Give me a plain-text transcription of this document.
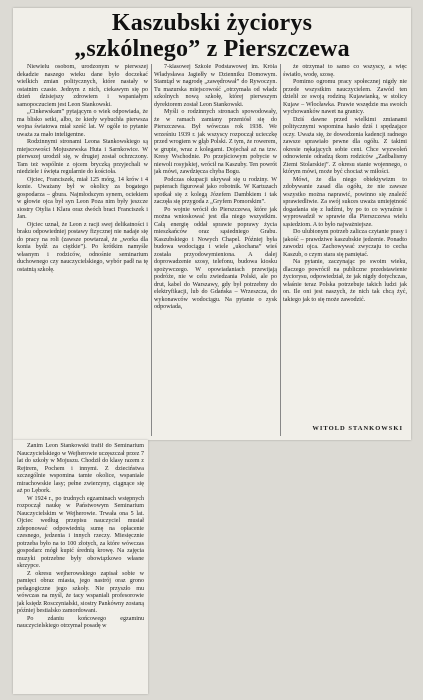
Kaszubski życiorys
„szkólnego” z Pierszczewa

Niewielu osobom, urodzonym w pierwszej dekadzie naszego wieku dane było doczekać wielkich zmian politycznych, które nastały w ostatnim czasie. Jednym z nich, ciekawym się po dzień dzisiejszy zdrowiem i wspaniałym samopoczuciem jest Leon Stankowski.

„Cinkewskam” pytającym o wiek odpowiada, że ma blisko setki, albo, że kiedy wybuchła pierwsza wojna światowa miał sześć lat. W ogóle to pytanie uważa za mało inteligentne.

Rodzinnymi stronami Leona Stankowskiego są miejscowości Mojuszewska Huta i Sarnkowice. W pierwszej urodził się, w drugiej został ochrzczony. Tam też wspólnie z ojcem bryczką przyjechali w niedziele i święta regularnie do kościoła.

Ojciec, Franciszek, miał 125 mórg, 14 krów i 4 konie. Uważany był w okolicy za bogatego gospodarza – gbura. Najmłodszym synem, ociekiem w głowie ojca był syn Leon Poza nim były jeszcze siostry Otylia i Klara oraz dwóch braci Franciszek i Jan.

Ojciec uznał, że Leon z racji swej delikatności i braku odpowiedniej postawy fizycznej nie nadaje się do pracy na roli (zawsze powtarzał, że „worka dla konia bydź za ciężkie”). Po krótkim namyśle własnym i rodziców, odnośnie seminarium duchownego czy nauczycielskiego, wybór padł na tę ostatnią szkołę.

7-klasowej Szkole Podstawowej im. Króla Władysława Jagiełły w Dzienniku Domowym. Stamtąd w nagrodę „zawędrował” do Rywoczyn. Tu mazurska miejscowość „otrzymała od władz szkolnych nową szkołę, której pierwszym dyrektorem został Leon Stankowski.

Myśli o rodzinnych stronach spowodowały, że w ramach zamiany przeniósł się do Pierszczewa. Był wówczas rok 1938. We wrześniu 1939 r. jak wszyscy rozpoczął ucieczkę przed wrogiem w głąb Polski. Z tym, że rowerem, w grupie, wraz z kolegami. Dojechał aż na tzw. Kresy Wschodnie. Po przejściowym pobycie w niewoli rosyjskiej, wrócił na Kaszuby. Ten powrót jak mówi, zawdzięcza chyba Bogu.

Podczas okupacji ukrywał się u rodziny. W papierach figurował jako robotnik. W Kartuzach spotkał się z kolegą Józefem Dambkiem i tak zaczęła się przygoda z „Gryfem Pomorskim”.

Po wojnie wrócił do Pierszczewa, które jak można wnioskować jest dla niego wszystkim. Całą energię oddał sprawie poprawy życia mieszkańców oraz sąsiedniego Grabu. Kaszubskiego i Nowych Chapel. Później była budowa wodociągu i wiele „ukochana” wieś została przyodowymieniona. A dalej doprowadzenie szosy, telefonu, budowa kiosku spożywczego. W opowiadaniach przewijają podróże, nie w celu zwiedzania Polski, ale po drut, kabel do Warszawy, gdy był potrzebny do elektryfikacji, lub do Gdańska – Wrzeszcza, do wykonawców wodociągu. Na pytanie o zysk odpowiada,

że otrzymał to samo co wszyscy, a więc światło, wodę, szosę.

Pomimo ogromu pracy społecznej nigdy nie przede wszystkim nauczycielem. Zawód ten dzielił ze swoją rodziną Kujawianką, w stolicy Kujaw – Włocławka. Prawie wszędzie ma swoich wychowanków nawet na granicy.

Dziś dawne przed wielkimi zmianami politycznymi wspomina hasło dziś i spędzające oczy. Uważa się, że dowodzenia kadencji radnego zawsze sprawiało pewne dla ogółu. Z takimi okresie nękających sobie ceni. Chce wyzwoleń odnowienie odradzą tkom rodziców „Zadbalismy Ziemi Stolarskiej”. Z okresu stanie wojennego, o którym mówi, może być chociaż w miłości.

Mówi, że dla niego obiektywizm to zdobywanie zasad dla ogółu, że nie zawsze wszystko można naprawić, powinno się znaleźć sprawiedliwie. Za swój sukces uważa umiejętność dogadania się z ludźmi, by po to co wyraźnie i wyprowadził w sprawie dla Pierszczewa wielu sąsiedziom. A to było najważniejsze.

Do ulubionym potrzeb zalicza czytanie prasy i jakość – prawdziwe kaszubskie jedzenie. Ponadto zawodzi ojca. Zachowywać zwyczaju to cecha Kaszub, o czym stara się pamiętać.

Na pytanie, zaczynając po swoim wieku, dlaczego powrócił na publiczne przedstawienie życiorysu, odpowiedział, że jak nigdy dotychczas, właśnie teraz Polska potrzebuje takich ludzi jak on. Ile oni jest naszych, że nich tak chcą żyć, takiego jak to się może zawodzić.

WITOLD STANKOWSKI

Zanim Leon Stankowski trafił do Seminarium Nauczycielskiego w Wejherowie uczęszczał przez 7 lat do szkoły w Mojuszu. Chodził do klasy razem z Rejtrem, Pochem i innymi. Z dzieciństwa szczególnie wspomina tamte okolice, wspaniale mirachowskie lasy; pełne zwierzyny, ciągnące się aż po Lębork.

W 1924 r., po trudnych egzaminach wstępnych rozpoczął naukę w Państwowym Seminarium Nauczycielskim w Wejherowie. Trwała ona 5 lat. Ojciec według przepisu nauczyciel musiał zdeponować odpowiednią sumę na opłacenie czesnego, jedzenia i innych rzeczy. Miesięcznie potrzeba było na to 100 złotych, za które wówczas gospodarz mógł kupić średnią krowę. Na zajęcia muzyki potrzebne były obowiązkowo własne skrzypce.

Z okresu wejherowskiego zapisał sobie w pamięci obraz miasta, jego nastrój oraz grono pedagogiczne jego szkoły. Nie przyszło mu wówczas na myśl, że tacy wspaniali profesorowie jak księdz Rosczyniałski, siostry Pankówny zostaną później bestialsko zamordowani.

Po zdaniu końcowego egzaminu nauczycielskiego otrzymał posadę w
